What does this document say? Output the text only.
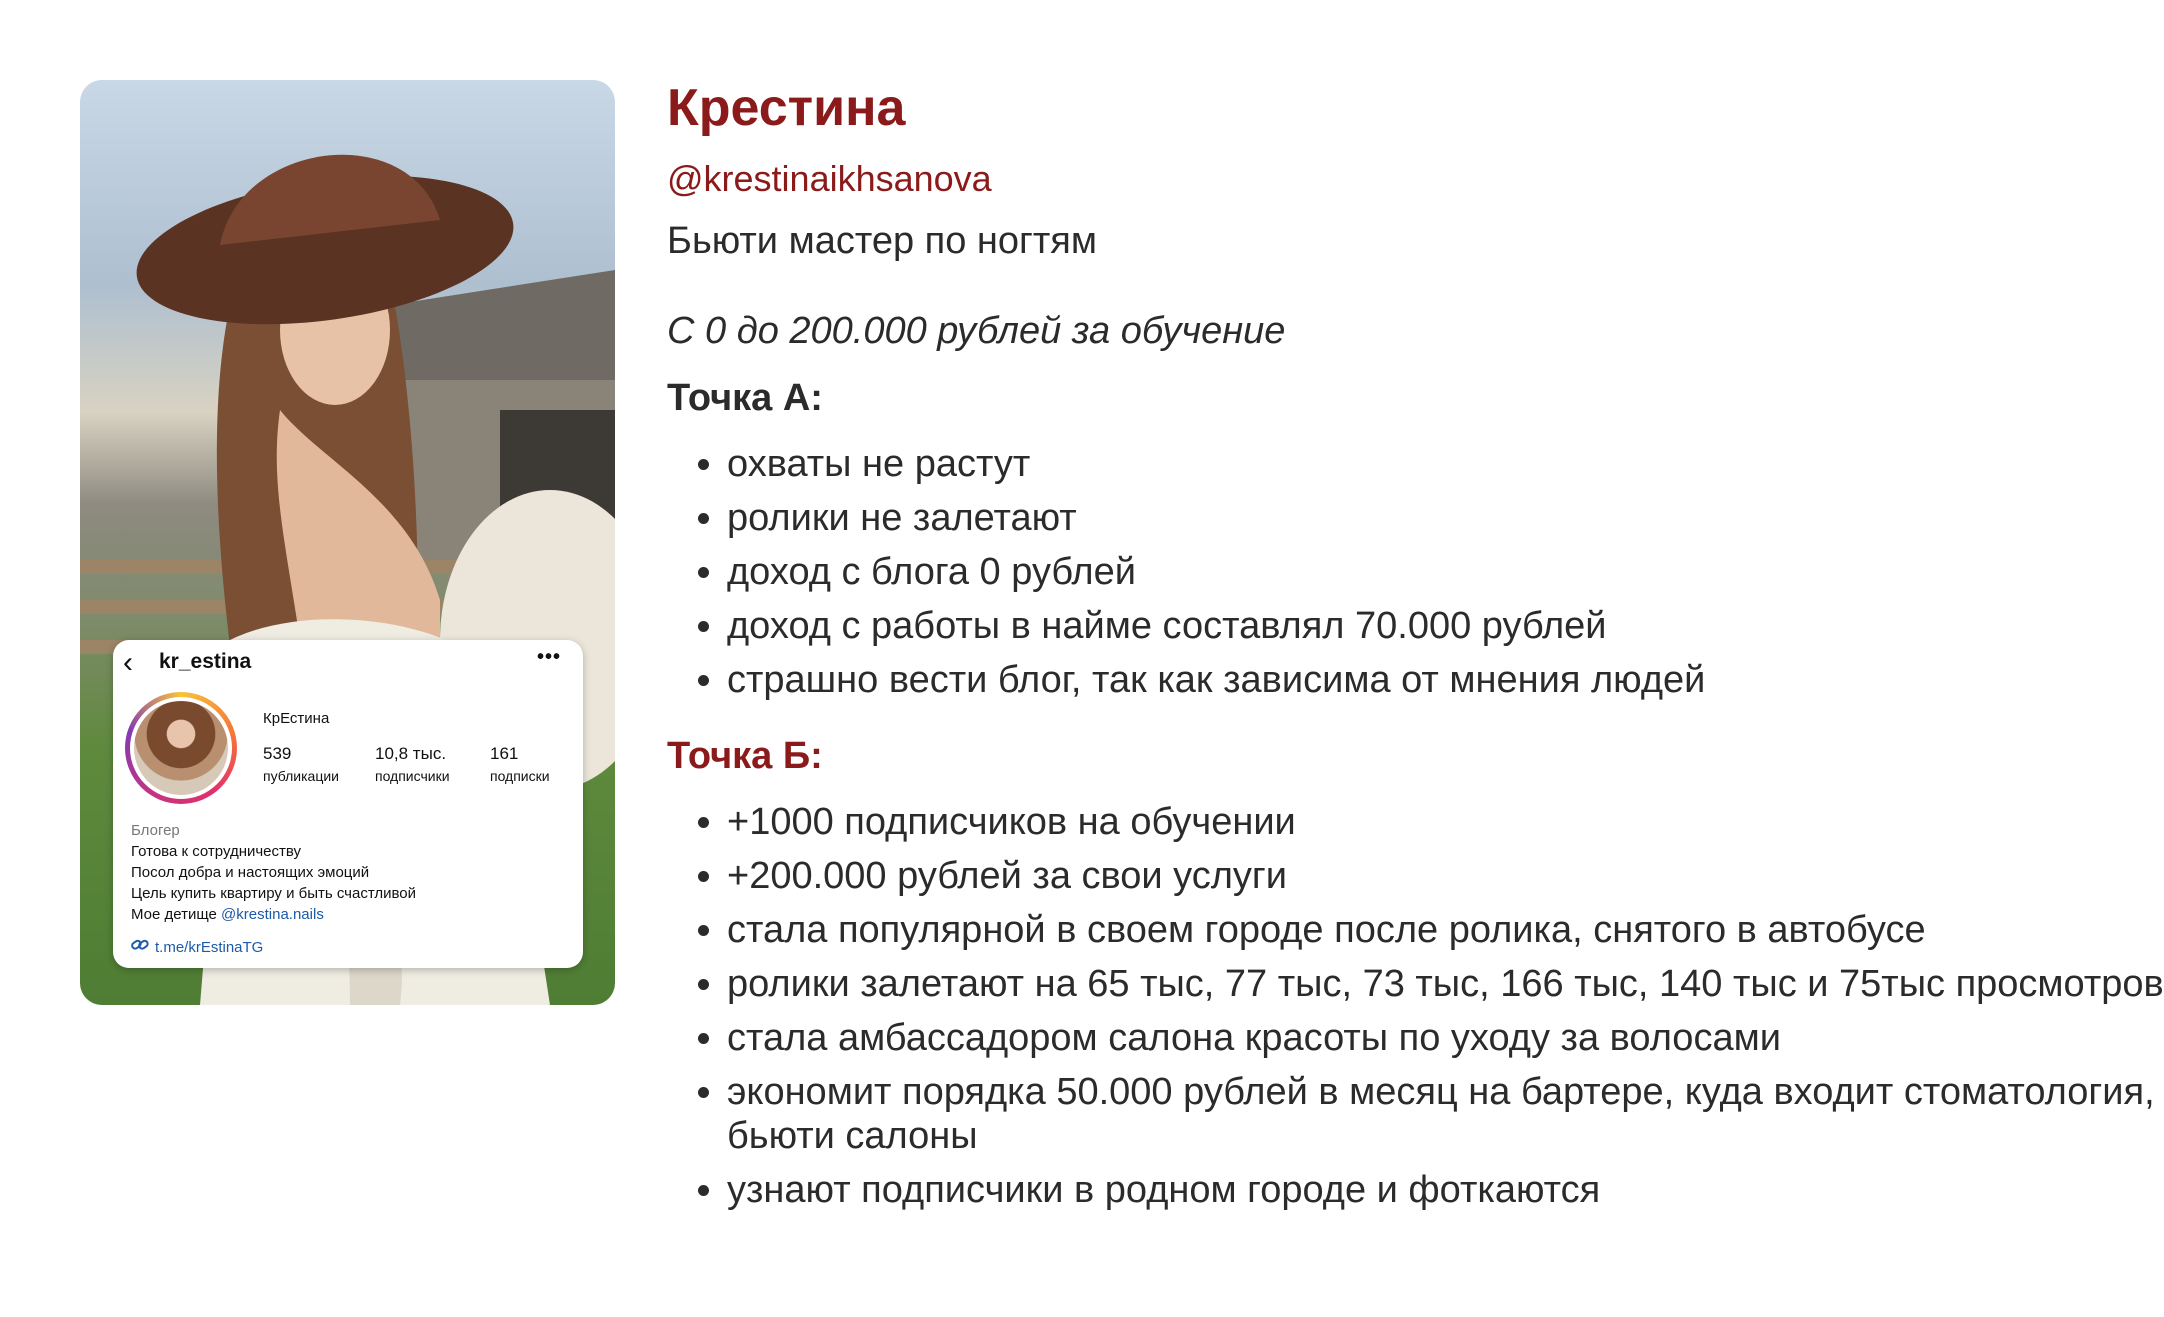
‹ kr_estina	•••
КрЕстина
539
публикации
10,8 тыс.
подписчики
161
подписки
Блогер
Готова к сотрудничеству
Посол добра и настоящих эмоций
Цель купить квартиру и быть счастливой
Мое детище @krestina.nails
t.me/krEstinaTG
Крестина
@krestinaikhsanova
Бьюти мастер по ногтям
С 0 до 200.000 рублей за обучение
Точка А:
• охваты не растут
• ролики не залетают
• доход с блога 0 рублей
• доход с работы в найме составлял 70.000 рублей
• страшно вести блог, так как зависима от мнения людей
Точка Б:
• +1000 подписчиков на обучении
• +200.000 рублей за свои услуги
• стала популярной в своем городе после ролика, снятого в автобусе
• ролики залетают на 65 тыс, 77 тыс, 73 тыс, 166 тыс, 140 тыс и 75тыс просмотров
• стала амбассадором салона красоты по уходу за волосами
• экономит порядка 50.000 рублей в месяц на бартере, куда входит стоматология, бьюти салоны
• узнают подписчики в родном городе и фоткаются
